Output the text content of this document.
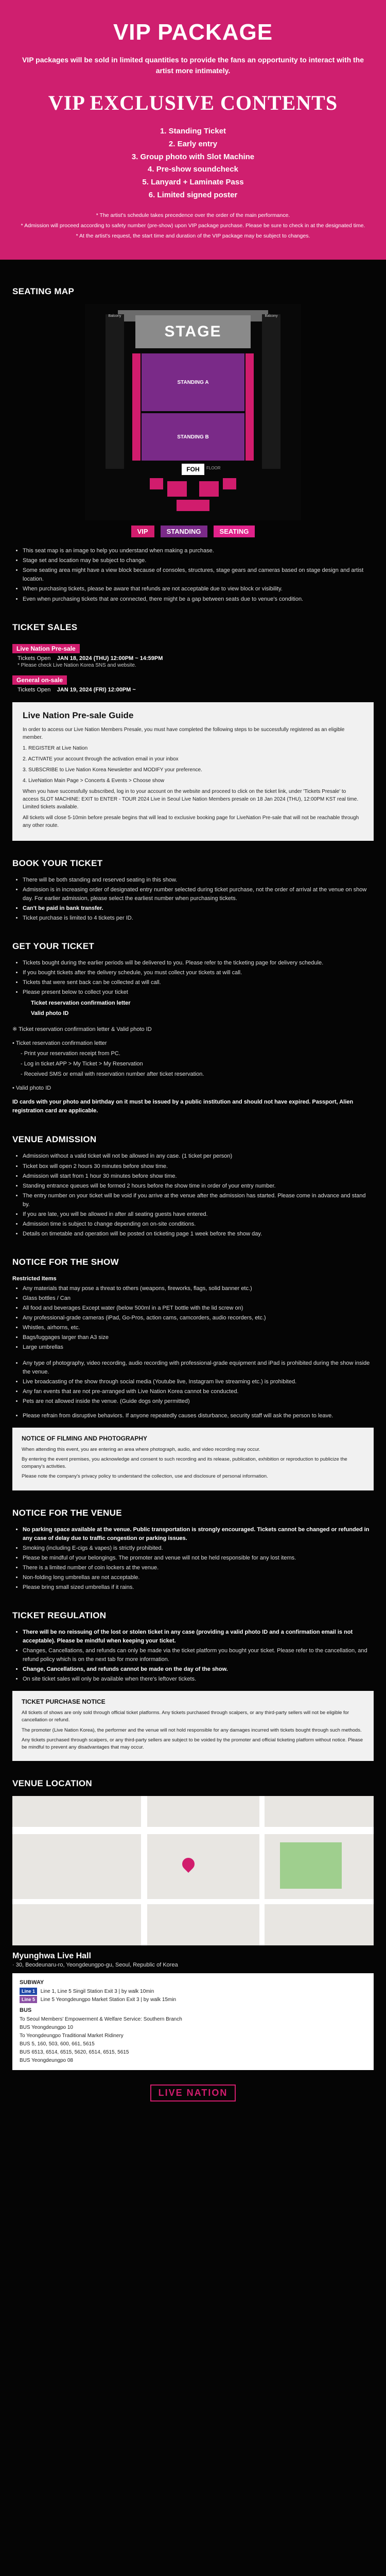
VIP PACKAGE

VIP packages will be sold in limited quantities to provide the fans an opportunity to interact with the artist more intimately.

VIP EXCLUSIVE CONTENTS
1. Standing Ticket
2. Early entry
3. Group photo with Slot Machine
4. Pre-show soundcheck
5. Lanyard + Laminate Pass
6. Limited signed poster

* The artist's schedule takes precedence over the order of the main performance.

* Admission will proceed according to safety number (pre-show) upon VIP package purchase. Please be sure to check in at the designated time.

* At the artist's request, the start time and duration of the VIP package may be subject to changes.

SEATING MAP
STAGE
Balcony	Balcony
STANDING A
STANDING B
FOH	FLOOR
VIP	STANDING	SEATING
• This seat map is an image to help you understand when making a purchase.
• Stage set and location may be subject to change.
• Some seating area might have a view block because of consoles, structures, stage gears and cameras based on stage design and artist location.
• When purchasing tickets, please be aware that refunds are not acceptable due to view block or visibility.
• Even when purchasing tickets that are connected, there might be a gap between seats due to venue's condition.
TICKET SALES
Live Nation Pre-sale
Tickets Open JAN 18, 2024 (THU) 12:00PM ~ 14:59PM
* Please check Live Nation Korea SNS and website.
General on-sale
Tickets Open JAN 19, 2024 (FRI) 12:00PM ~
Live Nation Pre-sale Guide

In order to access our Live Nation Members Presale, you must have completed the following steps to be successfully registered as an eligible member.

1. REGISTER at Live Nation

2. ACTIVATE your account through the activation email in your inbox

3. SUBSCRIBE to Live Nation Korea Newsletter and MODIFY your preference.

4. LiveNation Main Page > Concerts & Events > Choose show

When you have successfully subscribed, log in to your account on the website and proceed to click on the ticket link, under 'Tickets Presale' to access SLOT MACHINE: EXIT to ENTER - TOUR 2024 Live in Seoul Live Nation Members presale on 18 Jan 2024 (THU), 12:00PM KST real time. Limited tickets available.

All tickets will close 5-10min before presale begins that will lead to exclusive booking page for LiveNation Pre-sale that will not be reachable through any other route.

BOOK YOUR TICKET
• There will be both standing and reserved seating in this show.
• Admission is in increasing order of designated entry number selected during ticket purchase, not the order of arrival at the venue on show day. For earlier admission, please select the earliest number when purchasing tickets.
• Can't be paid in bank transfer.
• Ticket purchase is limited to 4 tickets per ID.
GET YOUR TICKET
• Tickets bought during the earlier periods will be delivered to you. Please refer to the ticketing page for delivery schedule.
• If you bought tickets after the delivery schedule, you must collect your tickets at will call.
• Tickets that were sent back can be collected at will call.
• Please present below to collect your ticket
Ticket reservation confirmation letter
Valid photo ID
※ Ticket reservation confirmation letter & Valid photo ID
• Ticket reservation confirmation letter
- Print your reservation receipt from PC.
- Log in ticket APP > My Ticket > My Reservation
- Received SMS or email with reservation number after ticket reservation.
• Valid photo ID
ID cards with your photo and birthday on it must be issued by a public institution and should not have expired. Passport, Alien registration card are applicable.
VENUE ADMISSION
• Admission without a valid ticket will not be allowed in any case. (1 ticket per person)
• Ticket box will open 2 hours 30 minutes before show time.
• Admission will start from 1 hour 30 minutes before show time.
• Standing entrance queues will be formed 2 hours before the show time in order of your entry number.
• The entry number on your ticket will be void if you arrive at the venue after the admission has started. Please come in advance and stand by.
• If you are late, you will be allowed in after all seating guests have entered.
• Admission time is subject to change depending on on-site conditions.
• Details on timetable and operation will be posted on ticketing page 1 week before the show day.
NOTICE FOR THE SHOW
Restricted Items
• Any materials that may pose a threat to others (weapons, fireworks, flags, solid banner etc.)
• Glass bottles / Can
• All food and beverages Except water (below 500ml in a PET bottle with the lid screw on)
• Any professional-grade cameras (iPad, Go-Pros, action cams, camcorders, audio recorders, etc.)
• Whistles, airhorns, etc.
• Bags/luggages larger than A3 size
• Large umbrellas
• Any type of photography, video recording, audio recording with professional-grade equipment and iPad is prohibited during the show inside the venue.
• Live broadcasting of the show through social media (Youtube live, Instagram live streaming etc.) is prohibited.
• Any fan events that are not pre-arranged with Live Nation Korea cannot be conducted.
• Pets are not allowed inside the venue. (Guide dogs only permitted)
• Please refrain from disruptive behaviors. If anyone repeatedly causes disturbance, security staff will ask the person to leave.
NOTICE OF FILMING AND PHOTOGRAPHY

When attending this event, you are entering an area where photograph, audio, and video recording may occur.

By entering the event premises, you acknowledge and consent to such recording and its release, publication, exhibition or reproduction to publicize the company's activities.

Please note the company's privacy policy to understand the collection, use and disclosure of personal information.

NOTICE FOR THE VENUE
• No parking space available at the venue. Public transportation is strongly encouraged. Tickets cannot be changed or refunded in any case of delay due to traffic congestion or parking issues.
• Smoking (including E-cigs & vapes) is strictly prohibited.
• Please be mindful of your belongings. The promoter and venue will not be held responsible for any lost items.
• There is a limited number of coin lockers at the venue.
• Non-folding long umbrellas are not acceptable.
• Please bring small sized umbrellas if it rains.
TICKET REGULATION
• There will be no reissuing of the lost or stolen ticket in any case (providing a valid photo ID and a confirmation email is not acceptable). Please be mindful when keeping your ticket.
• Changes, Cancellations, and refunds can only be made via the ticket platform you bought your ticket. Please refer to the cancellation, and refund policy which is on the next tab for more information.
• Change, Cancellations, and refunds cannot be made on the day of the show.
• On site ticket sales will only be available when there's leftover tickets.
TICKET PURCHASE NOTICE

All tickets of shows are only sold through official ticket platforms. Any tickets purchased through scalpers, or any third-party sellers will not be eligible for cancellation or refund.

The promoter (Live Nation Korea), the performer and the venue will not hold responsible for any damages incurred with tickets bought through such methods.

Any tickets purchased through scalpers, or any third-party sellers are subject to be voided by the promoter and official ticketing platform without notice. Please be mindful to prevent any disadvantages that may occur.

VENUE LOCATION
Myunghwa Live Hall
· 30, Beodeunaru-ro, Yeongdeungpo-gu, Seoul, Republic of Korea
SUBWAY
Line 1 Line 1, Line 5 Singil Station Exit 3 | by walk 10min
Line 5 Line 5 Yeongdeungpo Market Station Exit 3 | by walk 15min
BUS
To Seoul Members' Empowerment & Welfare Service: Southern Branch
BUS Yeongdeungpo 10
To Yeongdeungpo Traditional Market Ridinery
BUS 5, 160, 503, 600, 661, 5615
BUS 6513, 6514, 6515, 5620, 6514, 6515, 5615
BUS Yeongdeungpo 08
LIVE NATION
